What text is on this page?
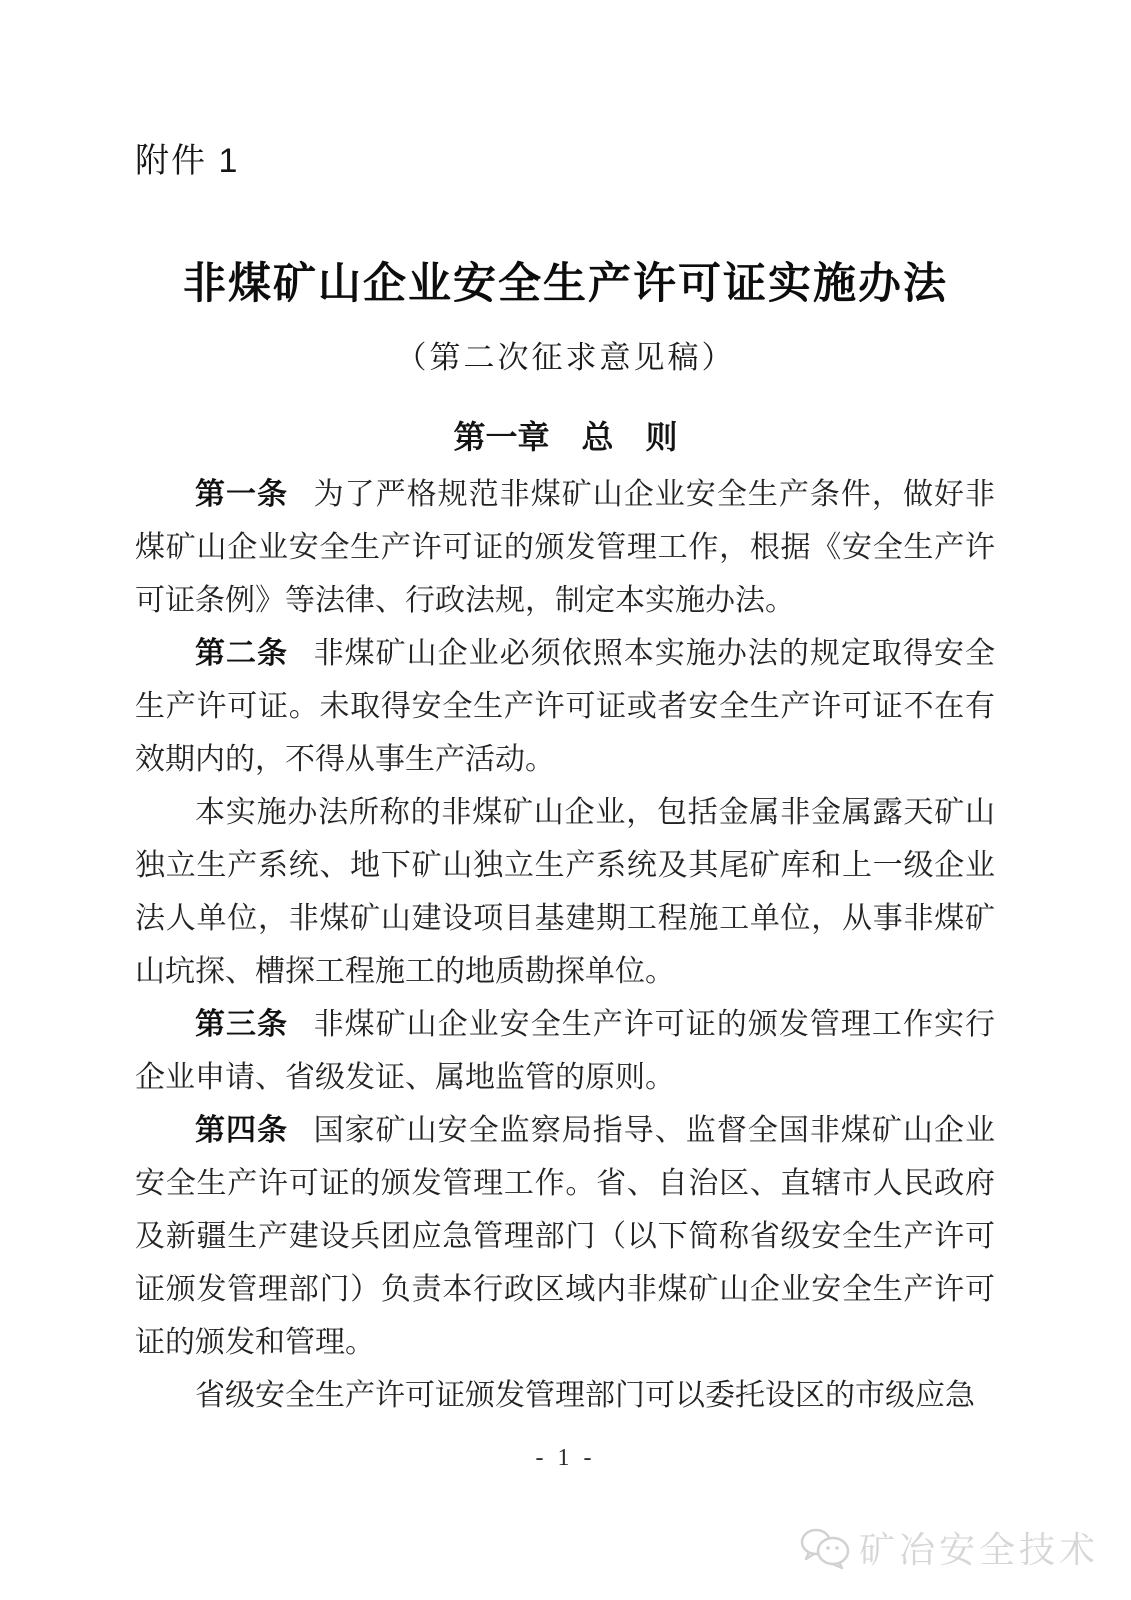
附件 1
非煤矿山企业安全生产许可证实施办法
（第二次征求意见稿）
第一章　总　则

第一条 为了严格规范非煤矿山企业安全生产条件，做好非煤矿山企业安全生产许可证的颁发管理工作，根据《安全生产许可证条例》等法律、行政法规，制定本实施办法。

第二条 非煤矿山企业必须依照本实施办法的规定取得安全生产许可证。未取得安全生产许可证或者安全生产许可证不在有效期内的，不得从事生产活动。

本实施办法所称的非煤矿山企业，包括金属非金属露天矿山独立生产系统、地下矿山独立生产系统及其尾矿库和上一级企业法人单位，非煤矿山建设项目基建期工程施工单位，从事非煤矿山坑探、槽探工程施工的地质勘探单位。

第三条 非煤矿山企业安全生产许可证的颁发管理工作实行企业申请、省级发证、属地监管的原则。

第四条 国家矿山安全监察局指导、监督全国非煤矿山企业安全生产许可证的颁发管理工作。省、自治区、直辖市人民政府及新疆生产建设兵团应急管理部门（以下简称省级安全生产许可证颁发管理部门）负责本行政区域内非煤矿山企业安全生产许可证的颁发和管理。

省级安全生产许可证颁发管理部门可以委托设区的市级应急

- 1 -
矿冶安全技术
